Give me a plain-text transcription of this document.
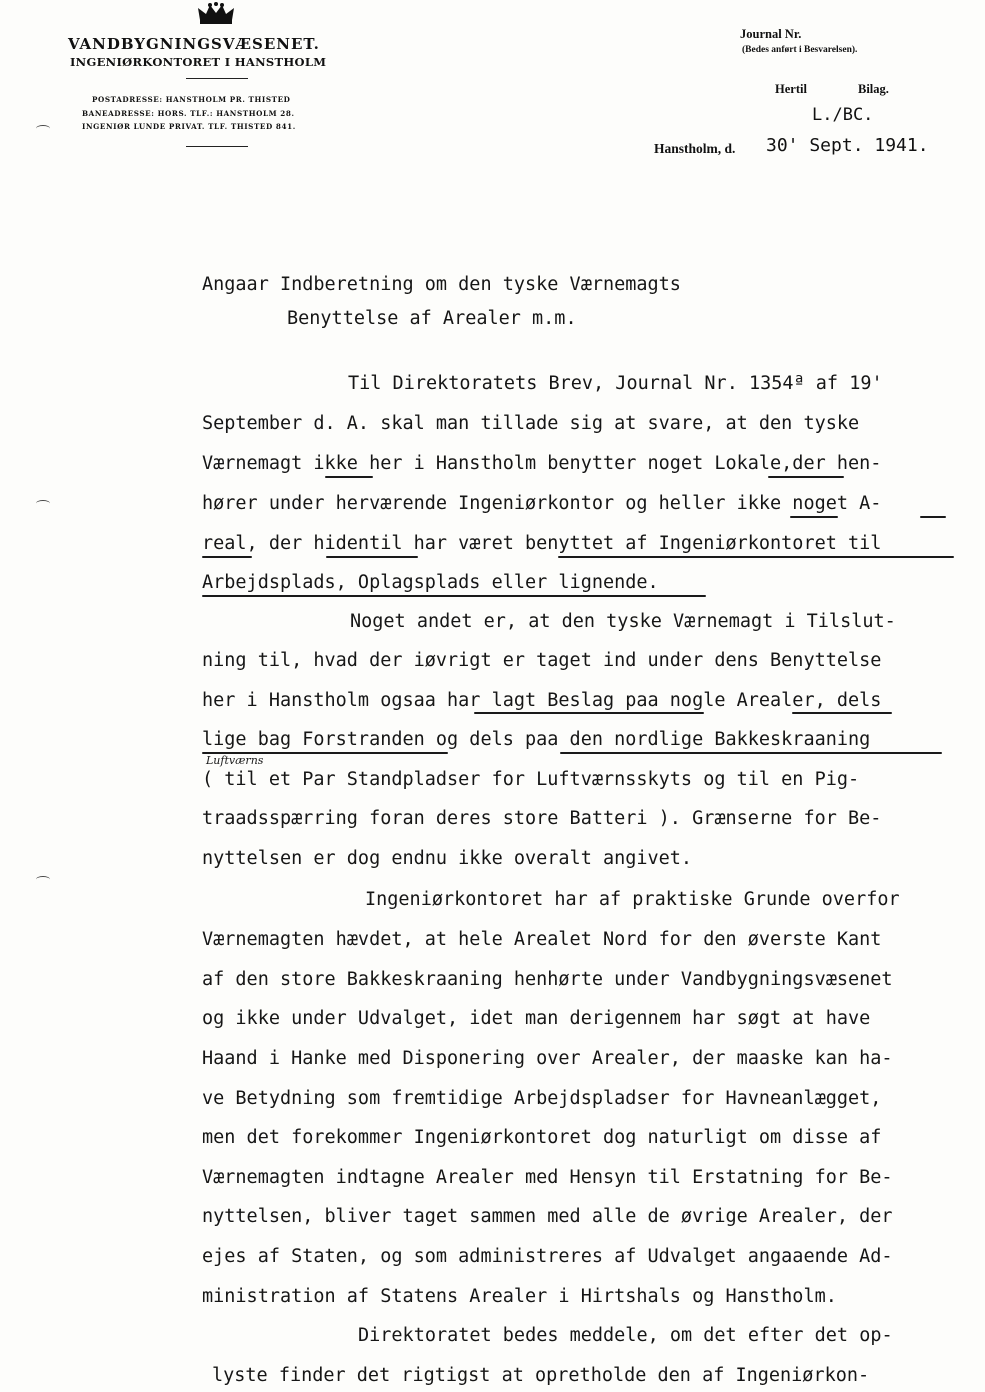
VANDBYGNINGSVÆSENET.
INGENIØRKONTORET I HANSTHOLM
POSTADRESSE: HANSTHOLM PR. THISTED
BANEADRESSE: HORS. TLF.: HANSTHOLM 28.
INGENIØR LUNDE PRIVAT. TLF. THISTED 841.
Journal Nr.
(Bedes anført i Besvarelsen).
Hertil	Bilag.
L./BC.
Hanstholm, d. 30' Sept. 1941.
Angaar Indberetning om den tyske Værnemagts
Benyttelse af Arealer m.m.
Til Direktoratets Brev, Journal Nr. 1354ª af 19'
September d. A. skal man tillade sig at svare, at den tyske
Værnemagt ikke her i Hanstholm benytter noget Lokale,der hen-
hører under herværende Ingeniørkontor og heller ikke noget A-
real, der hidentil har været benyttet af Ingeniørkontoret til
Arbejdsplads, Oplagsplads eller lignende.
Noget andet er, at den tyske Værnemagt i Tilslut-
ning til, hvad der iøvrigt er taget ind under dens Benyttelse
her i Hanstholm ogsaa har lagt Beslag paa nogle Arealer, dels
lige bag Forstranden og dels paa den nordlige Bakkeskraaning
( til et Par Standpladser for Luftværnsskyts og til en Pig-
traadsspærring foran deres store Batteri ). Grænserne for Be-
nyttelsen er dog endnu ikke overalt angivet.
Ingeniørkontoret har af praktiske Grunde overfor
Værnemagten hævdet, at hele Arealet Nord for den øverste Kant
af den store Bakkeskraaning henhørte under Vandbygningsvæsenet
og ikke under Udvalget, idet man derigennem har søgt at have
Haand i Hanke med Disponering over Arealer, der maaske kan ha-
ve Betydning som fremtidige Arbejdspladser for Havneanlægget,
men det forekommer Ingeniørkontoret dog naturligt om disse af
Værnemagten indtagne Arealer med Hensyn til Erstatning for Be-
nyttelsen, bliver taget sammen med alle de øvrige Arealer, der
ejes af Staten, og som administreres af Udvalget angaaende Ad-
ministration af Statens Arealer i Hirtshals og Hanstholm.
Direktoratet bedes meddele, om det efter det op-
lyste finder det rigtigst at opretholde den af Ingeniørkon-
Luftværns
